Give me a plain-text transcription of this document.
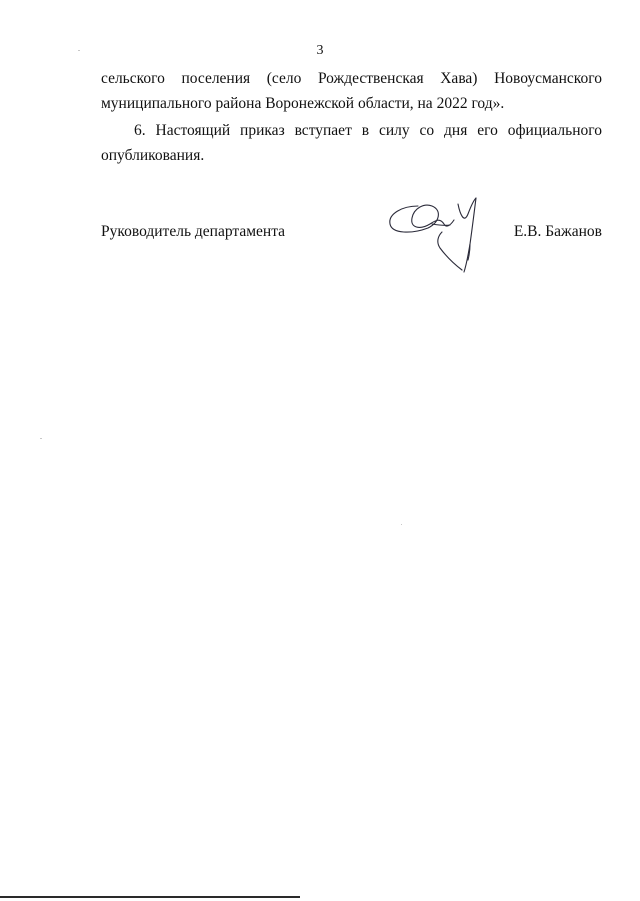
3

сельского поселения (село Рождественская Хава) Новоусманского
муниципального района Воронежской области, на 2022 год».

6. Настоящий приказ вступает в силу со дня его официального
опубликования.

Руководитель департамента	Е.В. Бажанов
